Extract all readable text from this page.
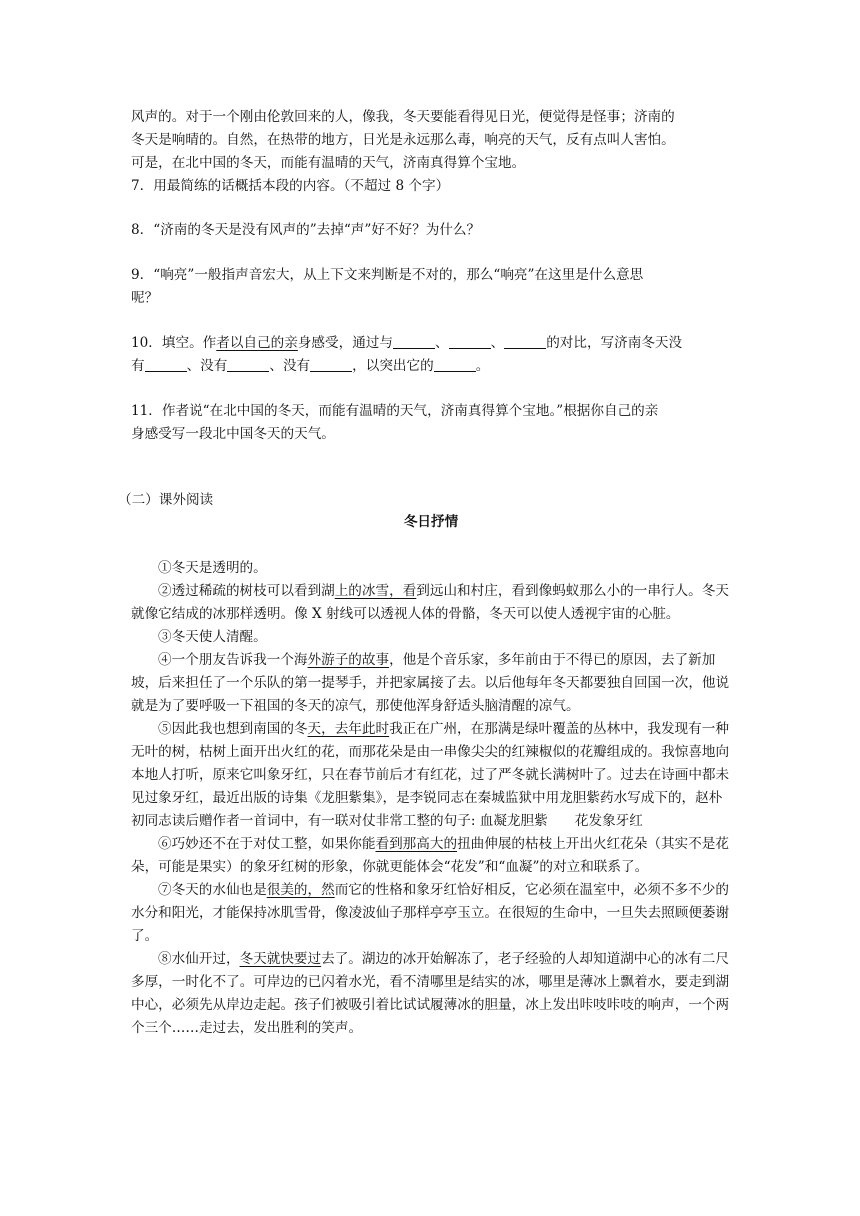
风声的。对于一个刚由伦敦回来的人，像我，冬天要能看得见日光，便觉得是怪事；济南的

冬天是响晴的。自然，在热带的地方，日光是永远那么毒，响亮的天气，反有点叫人害怕。

可是，在北中国的冬天，而能有温晴的天气，济南真得算个宝地。

7．用最简练的话概括本段的内容。（不超过 8 个字）

8．“济南的冬天是没有风声的”去掉“声”好不好？为什么？

9．“响亮”一般指声音宏大，从上下文来判断是不对的，那么“响亮”在这里是什么意思

呢？

10．填空。作者以自己的亲身感受，通过与	、	、	的对比，写济南冬天没

有	、没有	、没有	，以突出它的	。

11．作者说“在北中国的冬天，而能有温晴的天气，济南真得算个宝地。”根据你自己的亲

身感受写一段北中国冬天的天气。

（二）课外阅读

冬日抒情

①冬天是透明的。

②透过稀疏的树枝可以看到湖上的冰雪，看到远山和村庄，看到像蚂蚁那么小的一串行人。冬天就像它结成的冰那样透明。像 X 射线可以透视人体的骨骼，冬天可以使人透视宇宙的心脏。

③冬天使人清醒。

④一个朋友告诉我一个海外游子的故事，他是个音乐家，多年前由于不得已的原因，去了新加坡，后来担任了一个乐队的第一提琴手，并把家属接了去。以后他每年冬天都要独自回国一次，他说就是为了要呼吸一下祖国的冬天的凉气，那使他浑身舒适头脑清醒的凉气。

⑤因此我也想到南国的冬天，去年此时我正在广州，在那满是绿叶覆盖的丛林中，我发现有一种无叶的树，枯树上面开出火红的花，而那花朵是由一串像尖尖的红辣椒似的花瓣组成的。我惊喜地向本地人打听，原来它叫象牙红，只在春节前后才有红花，过了严冬就长满树叶了。过去在诗画中都未见过象牙红，最近出版的诗集《龙胆紫集》，是李锐同志在秦城监狱中用龙胆紫药水写成下的，赵朴初同志读后赠作者一首词中，有一联对仗非常工整的句子: 血凝龙胆紫　　花发象牙红

⑥巧妙还不在于对仗工整，如果你能看到那高大的扭曲伸展的枯枝上开出火红花朵（其实不是花朵，可能是果实）的象牙红树的形象，你就更能体会“花发”和“血凝”的对立和联系了。

⑦冬天的水仙也是很美的，然而它的性格和象牙红恰好相反，它必须在温室中，必须不多不少的水分和阳光，才能保持冰肌雪骨，像凌波仙子那样亭亭玉立。在很短的生命中，一旦失去照顾便萎谢了。

⑧水仙开过，冬天就快要过去了。湖边的冰开始解冻了，老子经验的人却知道湖中心的冰有二尺多厚，一时化不了。可岸边的已闪着水光，看不清哪里是结实的冰，哪里是薄冰上飘着水，要走到湖中心，必须先从岸边走起。孩子们被吸引着比试试履薄冰的胆量，冰上发出咔吱咔吱的响声，一个两个三个……走过去，发出胜利的笑声。
